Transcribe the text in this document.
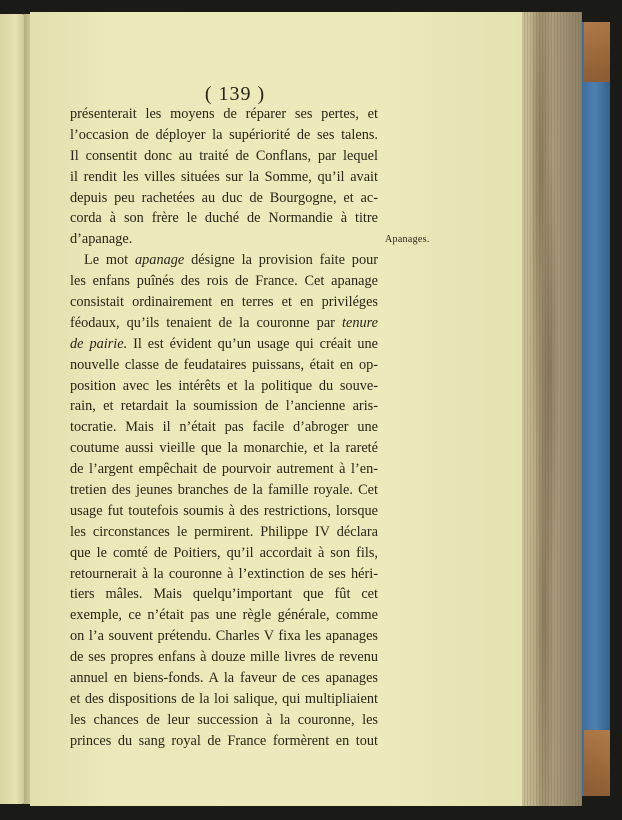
( 139 )
Apanages.
présenterait les moyens de réparer ses pertes, et
l’occasion de déployer la supériorité de ses talens.
Il consentit donc au traité de Conflans, par lequel
il rendit les villes situées sur la Somme, qu’il avait
depuis peu rachetées au duc de Bourgogne, et ac-
corda à son frère le duché de Normandie à titre
d’apanage.
Le mot apanage désigne la provision faite pour
les enfans puînés des rois de France. Cet apanage
consistait ordinairement en terres et en priviléges
féodaux, qu’ils tenaient de la couronne par tenure
de pairie. Il est évident qu’un usage qui créait une
nouvelle classe de feudataires puissans, était en op-
position avec les intérêts et la politique du souve-
rain, et retardait la soumission de l’ancienne aris-
tocratie. Mais il n’était pas facile d’abroger une
coutume aussi vieille que la monarchie, et la rareté
de l’argent empêchait de pourvoir autrement à l’en-
tretien des jeunes branches de la famille royale. Cet
usage fut toutefois soumis à des restrictions, lorsque
les circonstances le permirent. Philippe IV déclara
que le comté de Poitiers, qu’il accordait à son fils,
retournerait à la couronne à l’extinction de ses héri-
tiers mâles. Mais quelqu’important que fût cet
exemple, ce n’était pas une règle générale, comme
on l’a souvent prétendu. Charles V fixa les apanages
de ses propres enfans à douze mille livres de revenu
annuel en biens-fonds. A la faveur de ces apanages
et des dispositions de la loi salique, qui multipliaient
les chances de leur succession à la couronne, les
princes du sang royal de France formèrent en tout
